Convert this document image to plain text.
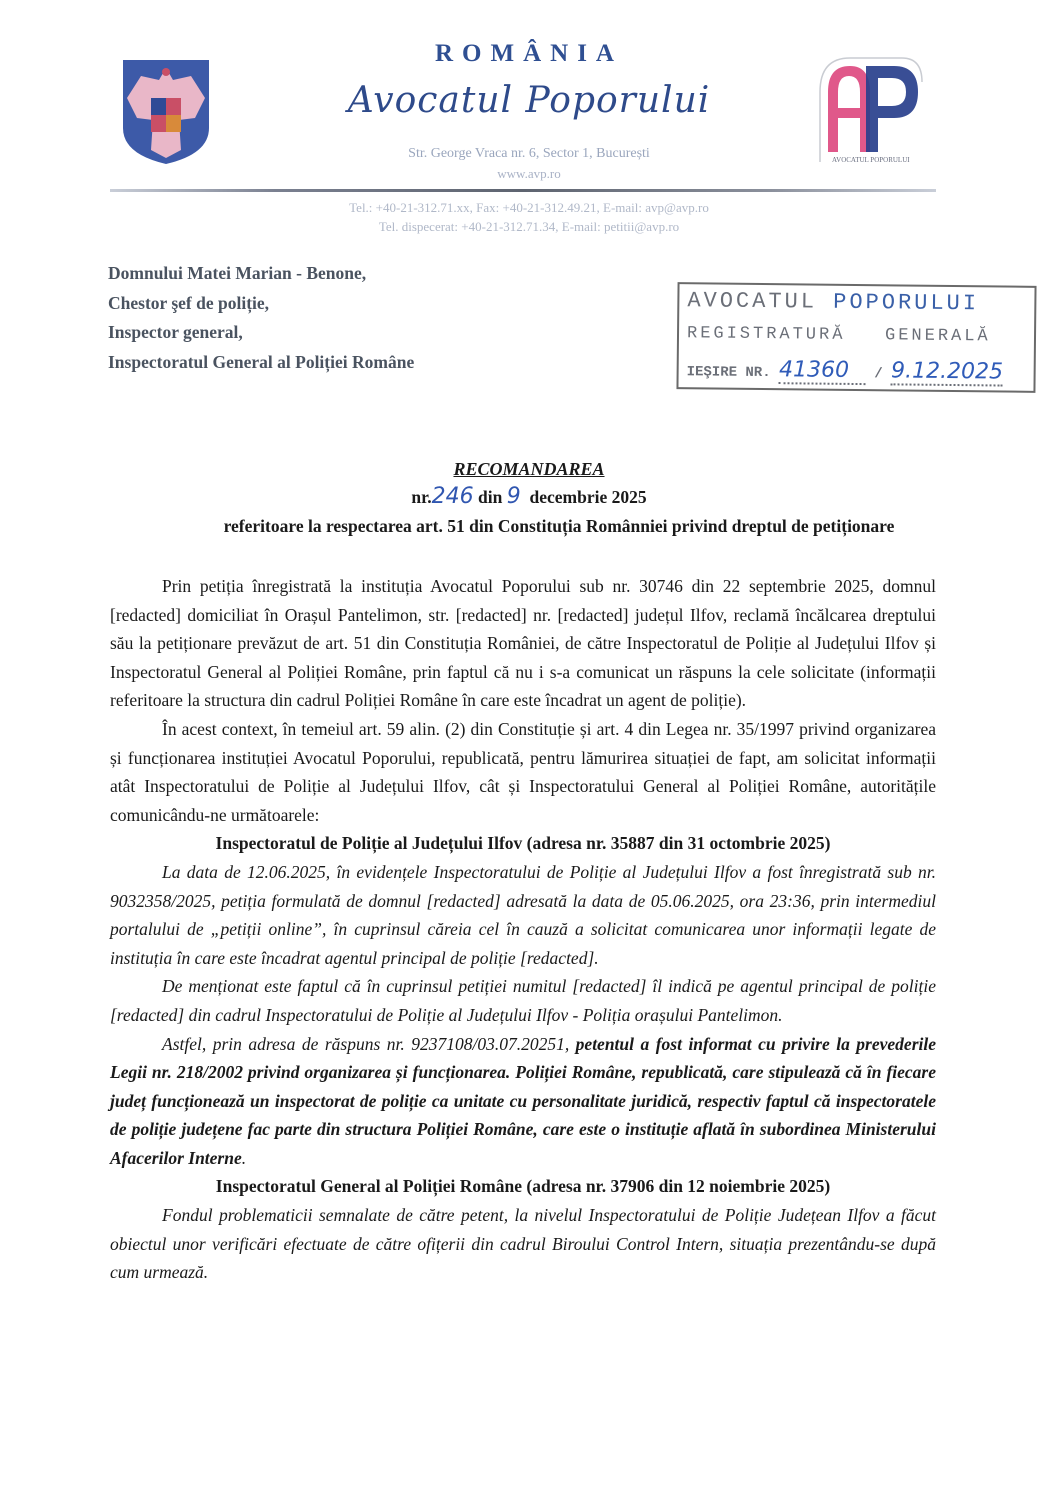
ROMÂNIA
Avocatul Poporului
Str. George Vraca nr. 6, Sector 1, București
www.avp.ro
Tel.: +40-21-312.71.xx, Fax: +40-21-312.49.21, E-mail: avp@avp.ro
Tel. dispecerat: +40-21-312.71.34, E-mail: petitii@avp.ro
AVOCATUL POPORULUI
Domnului Matei Marian - Benone,
Chestor şef de poliție,
Inspector general,
Inspectoratul General al Poliției Române
AVOCATUL POPORULUI
REGISTRATURĂ GENERALĂ
IEŞIRE NR. 41360 / 9.12.2025
RECOMANDAREA
nr.246 din 9 decembrie 2025
referitoare la respectarea art. 51 din Constituția Românniei privind dreptul de petiționare

Prin petiția înregistrată la instituția Avocatul Poporului sub nr. 30746 din 22 septembrie 2025, domnul [redacted] domiciliat în Orașul Pantelimon, str. [redacted] nr. [redacted] județul Ilfov, reclamă încălcarea dreptului său la petiționare prevăzut de art. 51 din Constituția României, de către Inspectoratul de Poliție al Județului Ilfov și Inspectoratul General al Poliției Române, prin faptul că nu i s-a comunicat un răspuns la cele solicitate (informații referitoare la structura din cadrul Poliției Române în care este încadrat un agent de poliție).

În acest context, în temeiul art. 59 alin. (2) din Constituție și art. 4 din Legea nr. 35/1997 privind organizarea și funcționarea instituției Avocatul Poporului, republicată, pentru lămurirea situației de fapt, am solicitat informații atât Inspectoratului de Poliție al Județului Ilfov, cât și Inspectoratului General al Poliției Române, autoritățile comunicându-ne următoarele:

Inspectoratul de Poliție al Județului Ilfov (adresa nr. 35887 din 31 octombrie 2025)

La data de 12.06.2025, în evidențele Inspectoratului de Poliție al Județului Ilfov a fost înregistrată sub nr. 9032358/2025, petiția formulată de domnul [redacted] adresată la data de 05.06.2025, ora 23:36, prin intermediul portalului de „petiții online”, în cuprinsul căreia cel în cauză a solicitat comunicarea unor informații legate de instituția în care este încadrat agentul principal de poliție [redacted].

De menționat este faptul că în cuprinsul petiției numitul [redacted] îl indică pe agentul principal de poliție [redacted] din cadrul Inspectoratului de Poliție al Județului Ilfov - Poliția orașului Pantelimon.

Astfel, prin adresa de răspuns nr. 9237108/03.07.20251, petentul a fost informat cu privire la prevederile Legii nr. 218/2002 privind organizarea și funcționarea. Poliției Române, republicată, care stipulează că în fiecare județ funcționează un inspectorat de poliție ca unitate cu personalitate juridică, respectiv faptul că inspectoratele de poliție județene fac parte din structura Poliției Române, care este o instituție aflată în subordinea Ministerului Afacerilor Interne.

Inspectoratul General al Poliției Române (adresa nr. 37906 din 12 noiembrie 2025)

Fondul problematicii semnalate de către petent, la nivelul Inspectoratului de Poliție Județean Ilfov a făcut obiectul unor verificări efectuate de către ofițerii din cadrul Biroului Control Intern, situația prezentându-se după cum urmează.
